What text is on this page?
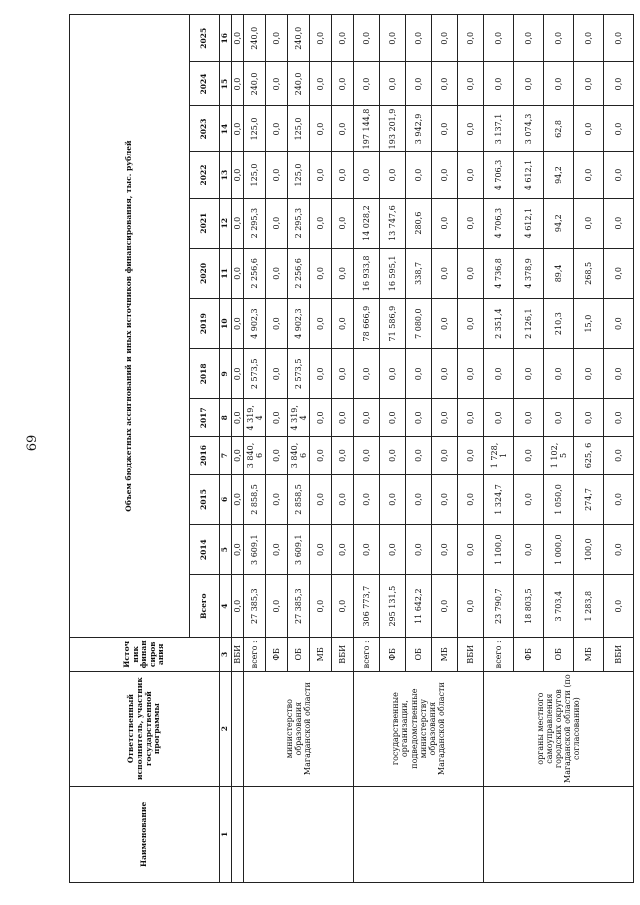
69
Наименование	Ответственный исполнитель, участник государственной программы	Источ ник финан сиров ания	Объем бюджетных ассигнований и иных источников финансирования, тыс. рублей												
			Всего	2014	2015	2016	2017	2018	2019	2020	2021	2022	2023	2024	2025
1	2	3	4	5	6	7	8	9	10	11	12	13	14	15	16
		ВБИ	0,0	0,0	0,0	0,0	0,0	0,0	0,0	0,0	0,0	0,0	0,0	0,0	0,0
	министерство образования Магаданской области	всего :	27 385,3	3 609,1	2 858,5	3 840, 6	4 319, 4	2 573,5	4 902,3	2 256,6	2 295,3	125,0	125,0	240,0	240,0
		ФБ	0,0	0,0	0,0	0,0	0,0	0,0	0,0	0,0	0,0	0,0	0,0	0,0	0,0
		ОБ	27 385,3	3 609,1	2 858,5	3 840, 6	4 319, 4	2 573,5	4 902,3	2 256,6	2 295,3	125,0	125,0	240,0	240,0
		МБ	0,0	0,0	0,0	0,0	0,0	0,0	0,0	0,0	0,0	0,0	0,0	0,0	0,0
		ВБИ	0,0	0,0	0,0	0,0	0,0	0,0	0,0	0,0	0,0	0,0	0,0	0,0	0,0
	государственные организации, подведомственные министерству образования Магаданской области	всего :	306 773,7	0,0	0,0	0,0	0,0	0,0	78 666,9	16 933,8	14 028,2	0,0	197 144,8	0,0	0,0
		ФБ	295 131,5	0,0	0,0	0,0	0,0	0,0	71 586,9	16 595,1	13 747,6	0,0	193 201,9	0,0	0,0
		ОБ	11 642,2	0,0	0,0	0,0	0,0	0,0	7 080,0	338,7	280,6	0,0	3 942,9	0,0	0,0
		МБ	0,0	0,0	0,0	0,0	0,0	0,0	0,0	0,0	0,0	0,0	0,0	0,0	0,0
		ВБИ	0,0	0,0	0,0	0,0	0,0	0,0	0,0	0,0	0,0	0,0	0,0	0,0	0,0
	органы местного самоуправления городских округов Магаданской области (по согласованию)	всего :	23 790,7	1 100,0	1 324,7	1 728, 1	0,0	0,0	2 351,4	4 736,8	4 706,3	4 706,3	3 137,1	0,0	0,0
		ФБ	18 803,5	0,0	0,0	0,0	0,0	0,0	2 126,1	4 378,9	4 612,1	4 612,1	3 074,3	0,0	0,0
		ОБ	3 703,4	1 000,0	1 050,0	1 102, 5	0,0	0,0	210,3	89,4	94,2	94,2	62,8	0,0	0,0
		МБ	1 283,8	100,0	274,7	625, 6	0,0	0,0	15,0	268,5	0,0	0,0	0,0	0,0	0,0
		ВБИ	0,0	0,0	0,0	0,0	0,0	0,0	0,0	0,0	0,0	0,0	0,0	0,0	0,0
